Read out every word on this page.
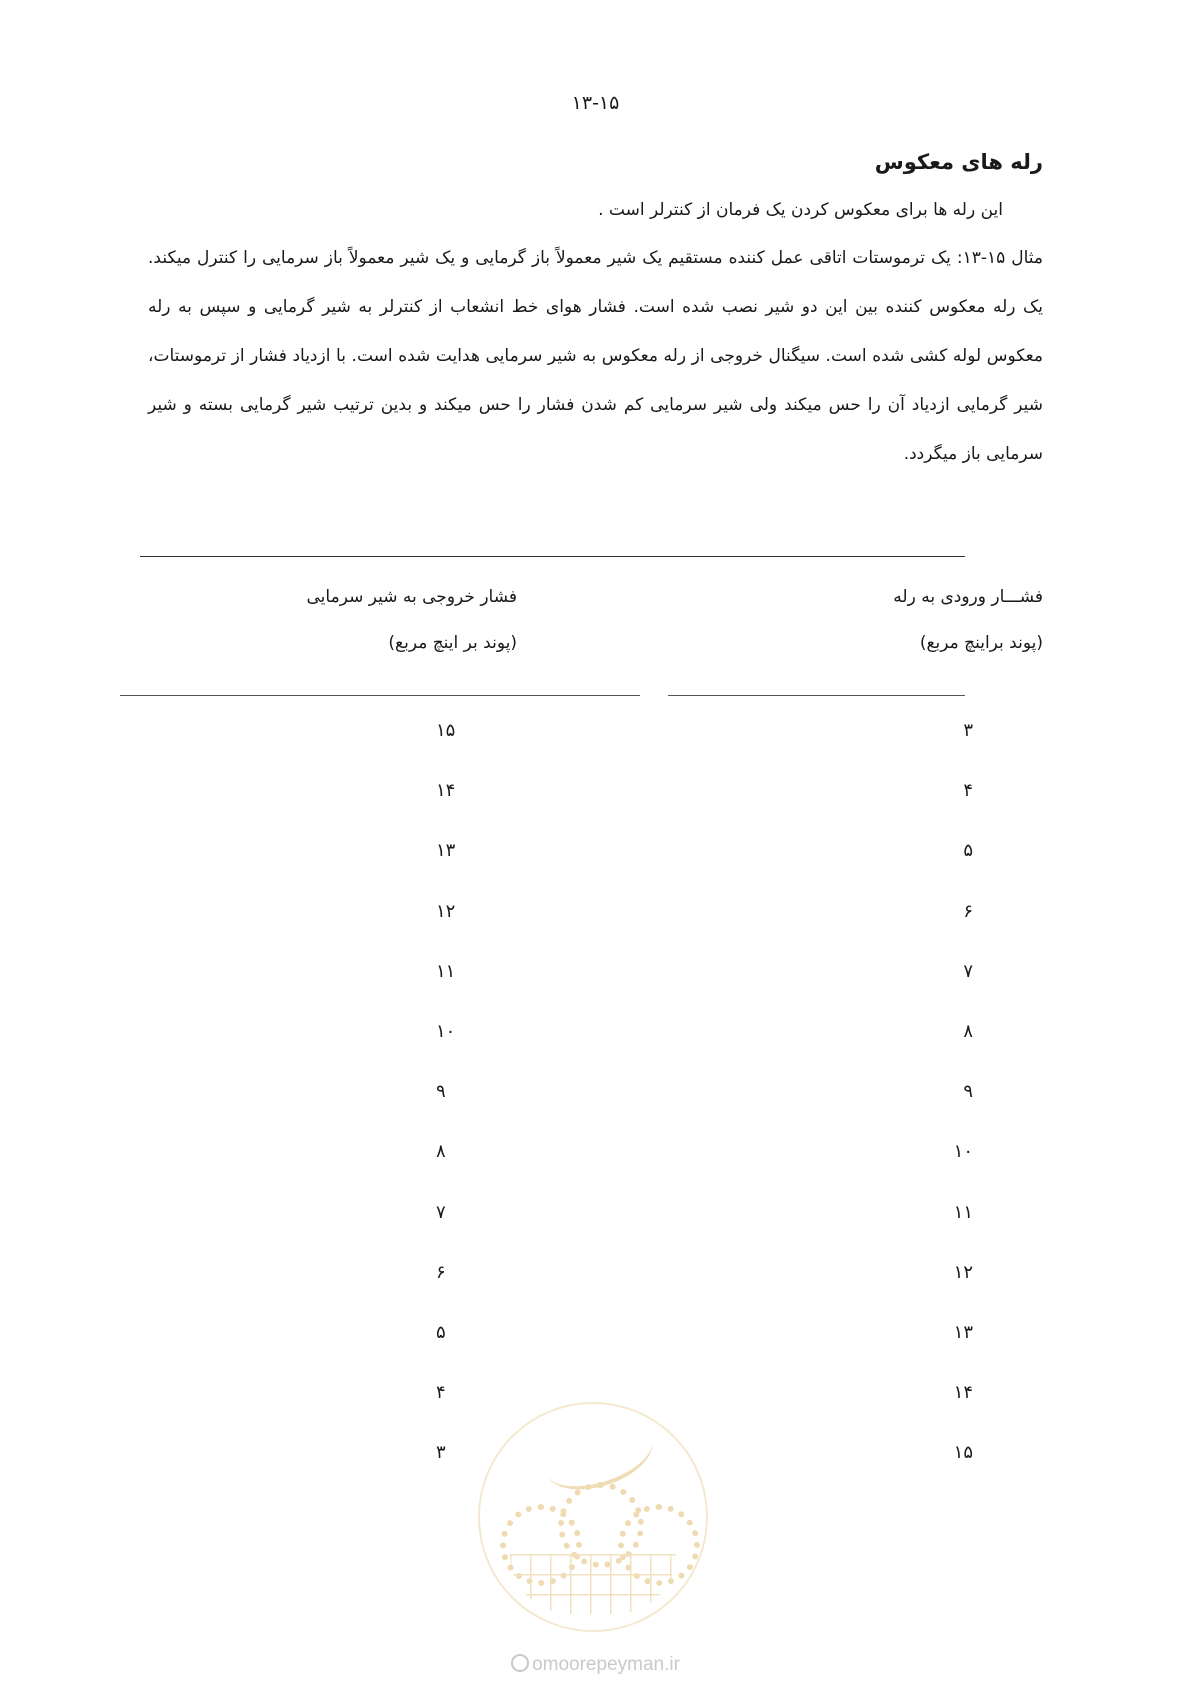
۱۳-۱۵
رله های معکوس
این رله ها برای معکوس کردن یک فرمان از کنترلر است .
مثال ۱۵-۱۳: یک ترموستات اتاقی عمل کننده مستقیم یک شیر معمولاً باز گرمایی و یک شیر معمولاً باز سرمایی را کنترل میکند. یک رله معکوس کننده بین این دو شیر نصب شده است. فشار هوای خط انشعاب از کنترلر به شیر گرمایی و سپس به رله معکوس لوله کشی شده است. سیگنال خروجی از رله معکوس به شیر سرمایی هدایت شده است. با ازدیاد فشار از ترموستات، شیر گرمایی ازدیاد آن را حس میکند ولی شیر سرمایی کم شدن فشار را حس میکند و بدین ترتیب شیر گرمایی بسته و شیر سرمایی باز میگردد.
فشـــار ورودی به رله
(پوند براینچ مربع)
فشار خروجی به شیر سرمایی
(پوند بر اینچ مربع)
۳
۱۵
۴
۱۴
۵
۱۳
۶
۱۲
۷
۱۱
۸
۱۰
۹
۹
۱۰
۸
۱۱
۷
۱۲
۶
۱۳
۵
۱۴
۴
۱۵
۳
omoorepeyman.ir
